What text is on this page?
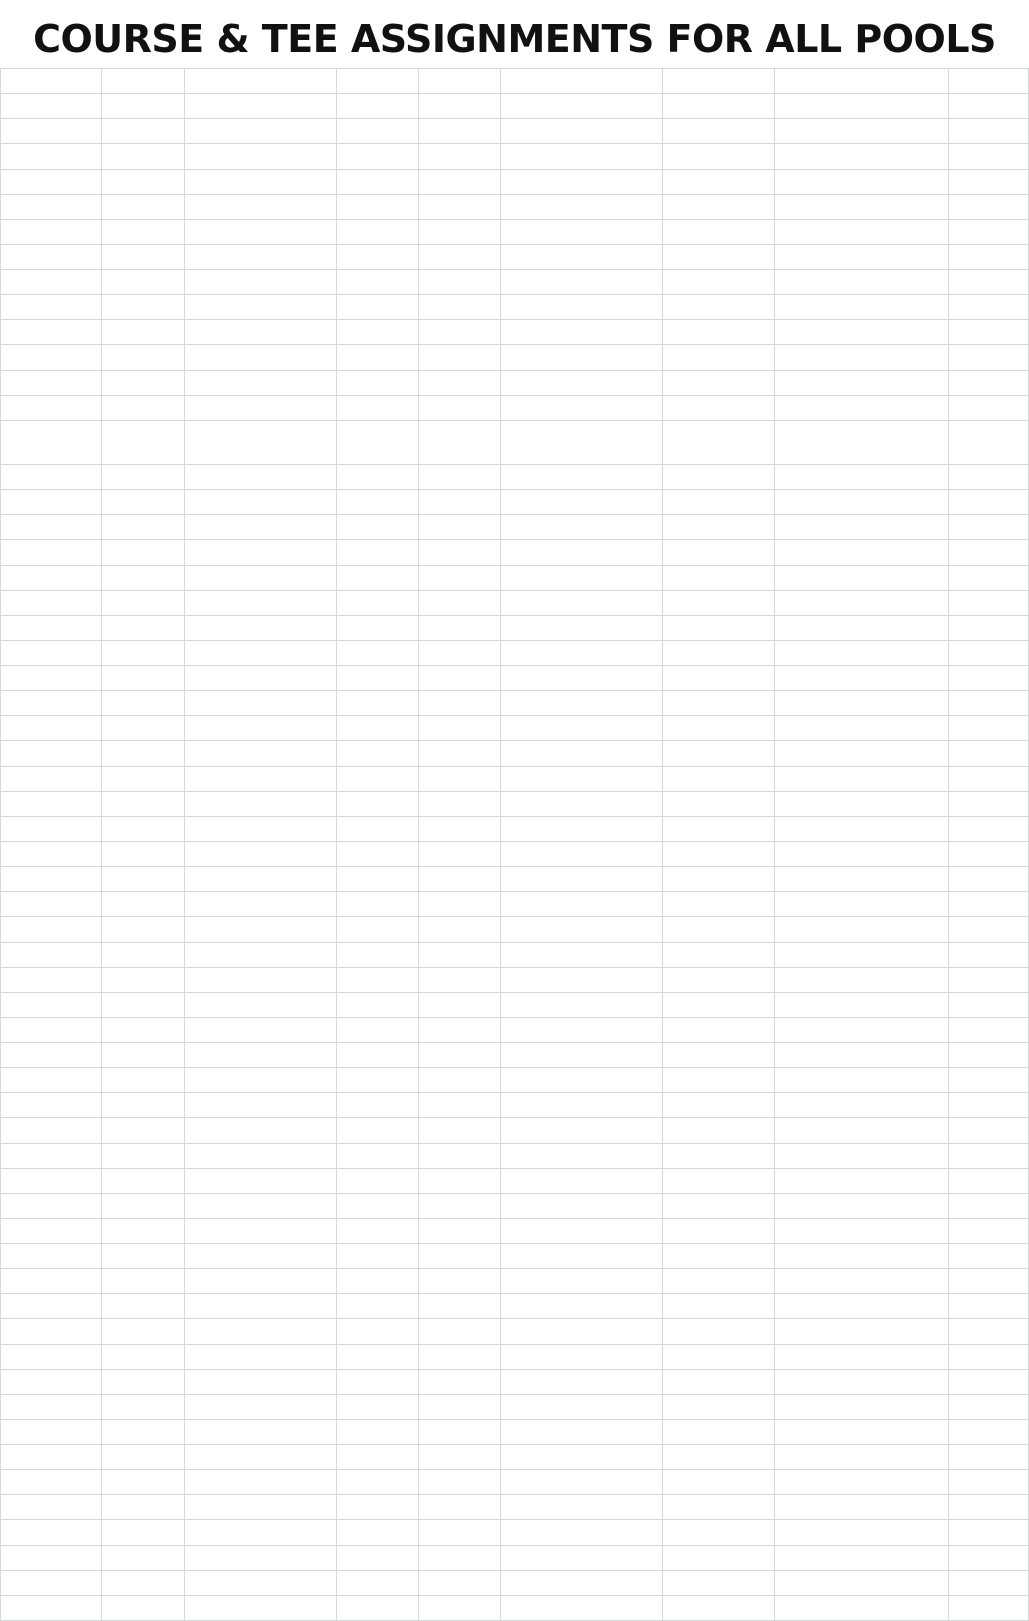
COURSE & TEE ASSIGNMENTS FOR ALL POOLS
